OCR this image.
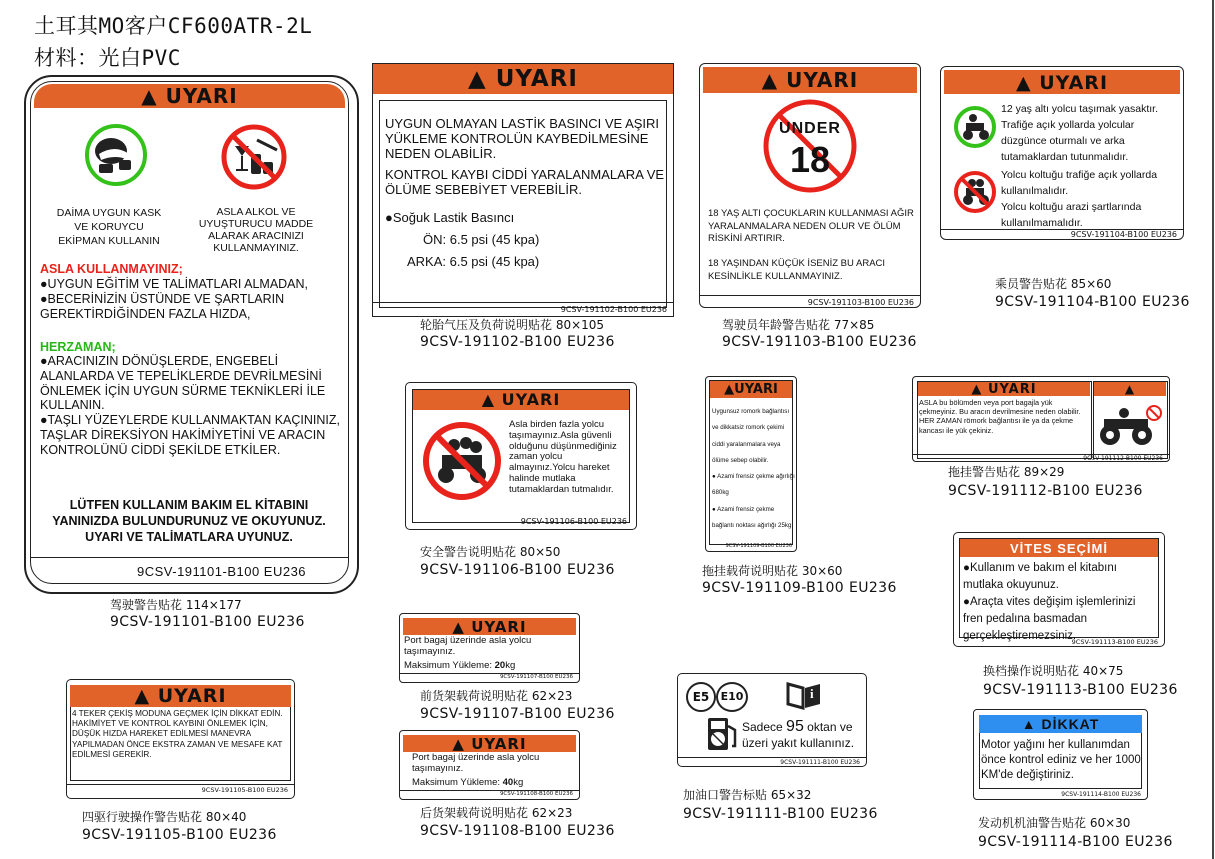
土耳其MO客户CF600ATR-2L
材料：光白PVC
▲ UYARI
DAİMA UYGUN KASK
VE KORUYCU
EKİPMAN KULLANIN
ASLA ALKOL VE
UYUŞTURUCU MADDE
ALARAK ARACINIZI
KULLANMAYINIZ.
ASLA KULLANMAYINIZ;
●UYGUN EĞİTİM VE TALİMATLARI ALMADAN,
●BECERİNİZİN ÜSTÜNDE VE ŞARTLARIN GEREKTİRDİĞİNDEN FAZLA HIZDA,
HERZAMAN;
●ARACINIZIN DÖNÜŞLERDE, ENGEBELİ ALANLARDA VE TEPELİKLERDE DEVRİLMESİNİ ÖNLEMEK İÇİN UYGUN SÜRME TEKNİKLERİ İLE KULLANIN.
●TAŞLI YÜZEYLERDE KULLANMAKTAN KAÇININIZ, TAŞLAR DİREKSİYON HAKİMİYETİNİ VE ARACIN KONTROLÜNÜ CİDDİ ŞEKİLDE ETKİLER.
LÜTFEN KULLANIM BAKIM EL KİTABINI
YANINIZDA BULUNDURUNUZ VE OKUYUNUZ.
UYARI VE TALİMATLARA UYUNUZ.
9CSV-191101-B100 EU236
驾驶警告贴花 114×177
9CSV-191101-B100 EU236
▲ UYARI
UYGUN OLMAYAN LASTİK BASINCI VE AŞIRI YÜKLEME KONTROLÜN KAYBEDİLMESİNE NEDEN OLABİLİR.
KONTROL KAYBI CİDDİ YARALANMALARA VE ÖLÜME SEBEBİYET VEREBİLİR.
●Soğuk Lastik Basıncı
ÖN: 6.5 psi (45 kpa)
ARKA: 6.5 psi (45 kpa)
9CSV-191102-B100 EU236
轮胎气压及负荷说明贴花 80×105
9CSV-191102-B100 EU236
▲ UYARI
UNDER
18
18 YAŞ ALTI ÇOCUKLARIN KULLANMASI AĞIR YARALANMALARA NEDEN OLUR VE ÖLÜM RİSKİNİ ARTIRIR.
18 YAŞINDAN KÜÇÜK İSENİZ BU ARACI KESİNLİKLE KULLANMAYINIZ.
9CSV-191103-B100 EU236
驾驶员年龄警告贴花 77×85
9CSV-191103-B100 EU236
▲ UYARI
12 yaş altı yolcu taşımak yasaktır. Trafiğe açık yollarda yolcular düzgünce oturmalı ve arka tutamaklardan tutunmalıdır.
Yolcu koltuğu trafiğe açık yollarda kullanılmalıdır.
Yolcu koltuğu arazi şartlarında kullanılmamalıdır.
9CSV-191104-B100 EU236
乘员警告贴花 85×60
9CSV-191104-B100 EU236
▲ UYARI
Asla birden fazla yolcu taşımayınız.Asla güvenli olduğunu düşünmediğiniz zaman yolcu almayınız.Yolcu hareket halinde mutlaka tutamaklardan tutmalıdır.
9CSV-191106-B100 EU236
安全警告说明贴花 80×50
9CSV-191106-B100 EU236
▲UYARI
Uygunsuz romork bağlantısı
ve dikkatsiz romork çekimi
ciddi yaralanmalara veya
ölüme sebep olabilir.
● Azami frensiz çekme ağırlığı
680kg
● Azami frensiz çekme
bağlantı noktası ağırlığı 25kg
9CSV-191109-B100 EU236
拖挂载荷说明贴花 30×60
9CSV-191109-B100 EU236
▲ UYARI	▲
ASLA bu bölümden veya port bagajla yük çekmeyiniz. Bu aracın devrilmesine neden olabilir.
HER ZAMAN römork bağlantısı ile ya da çekme kancası ile yük çekiniz.
9CSV-191112-B100 EU236
拖挂警告贴花 89×29
9CSV-191112-B100 EU236
VİTES SEÇİMİ
●Kullanım ve bakım el kitabını
mutlaka okuyunuz.
●Araçta vites değişim işlemlerinizi
fren pedalına basmadan
gerçekleştiremezsiniz.
9CSV-191113-B100 EU236
换档操作说明贴花 40×75
9CSV-191113-B100 EU236
▲ UYARI
Port bagaj üzerinde asla yolcu taşımayınız.
Maksimum Yükleme: 20kg
9CSV-191107-B100 EU236
前货架载荷说明贴花 62×23
9CSV-191107-B100 EU236
▲ UYARI
Port bagaj üzerinde asla yolcu taşımayınız.
Maksimum Yükleme: 40kg
9CSV-191108-B100 EU236
后货架载荷说明贴花 62×23
9CSV-191108-B100 EU236
▲ UYARI
4 TEKER ÇEKİŞ MODUNA GEÇMEK İÇİN DİKKAT EDİN.
HAKİMİYET VE KONTROL KAYBINI ÖNLEMEK İÇİN, DÜŞÜK HIZDA HAREKET EDİLMESİ MANEVRA YAPILMADAN ÖNCE EKSTRA ZAMAN VE MESAFE KAT EDİLMESİ GEREKİR.
9CSV-191105-B100 EU236
四驱行驶操作警告贴花 80×40
9CSV-191105-B100 EU236
E5	E10	i
Sadece 95 oktan ve
üzeri yakıt kullanınız.
9CSV-191111-B100 EU236
加油口警告标贴 65×32
9CSV-191111-B100 EU236
▲ DİKKAT
Motor yağını her kullanımdan önce kontrol ediniz ve her 1000 KM'de değiştiriniz.
9CSV-191114-B100 EU236
发动机机油警告贴花 60×30
9CSV-191114-B100 EU236
